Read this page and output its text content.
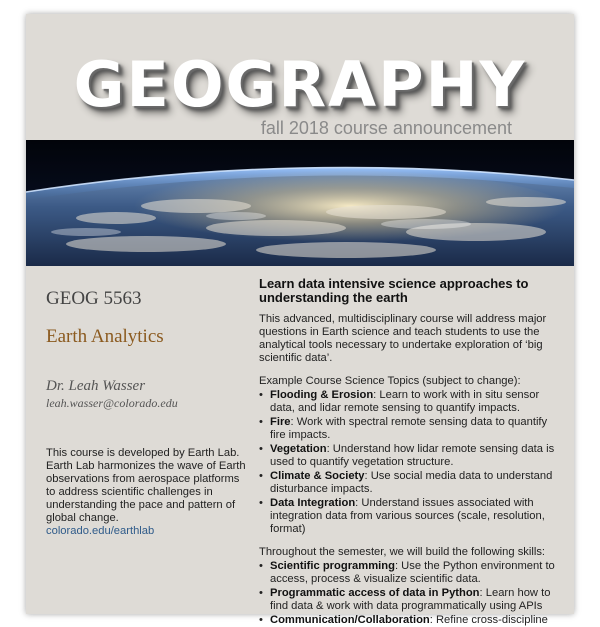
GEOGRAPHY
fall 2018 course announcement
GEOG 5563
Earth Analytics
Dr. Leah Wasser
leah.wasser@colorado.edu
This course is developed by Earth Lab. Earth Lab harmonizes the wave of Earth observations from aerospace platforms to address scientific challenges in understanding the pace and pattern of global change.
colorado.edu/earthlab
Learn data intensive science approaches to understanding the earth
This advanced, multidisciplinary course will address major questions in Earth science and teach students to use the analytical tools necessary to undertake exploration of ‘big scientific data’.
Example Course Science Topics (subject to change):
• Flooding & Erosion: Learn to work with in situ sensor data, and lidar remote sensing to quantify impacts.
• Fire: Work with spectral remote sensing data to quantify fire impacts.
• Vegetation: Understand how lidar remote sensing data is used to quantify vegetation structure.
• Climate & Society: Use social media data to understand disturbance impacts.
• Data Integration: Understand issues associated with integration data from various sources (scale, resolution, format)
Throughout the semester, we will build the following skills:
• Scientific programming: Use the Python environment to access, process & visualize scientific data.
• Programmatic access of data in Python: Learn how to find data & work with data programmatically using APIs
• Communication/Collaboration: Refine cross-discipline
